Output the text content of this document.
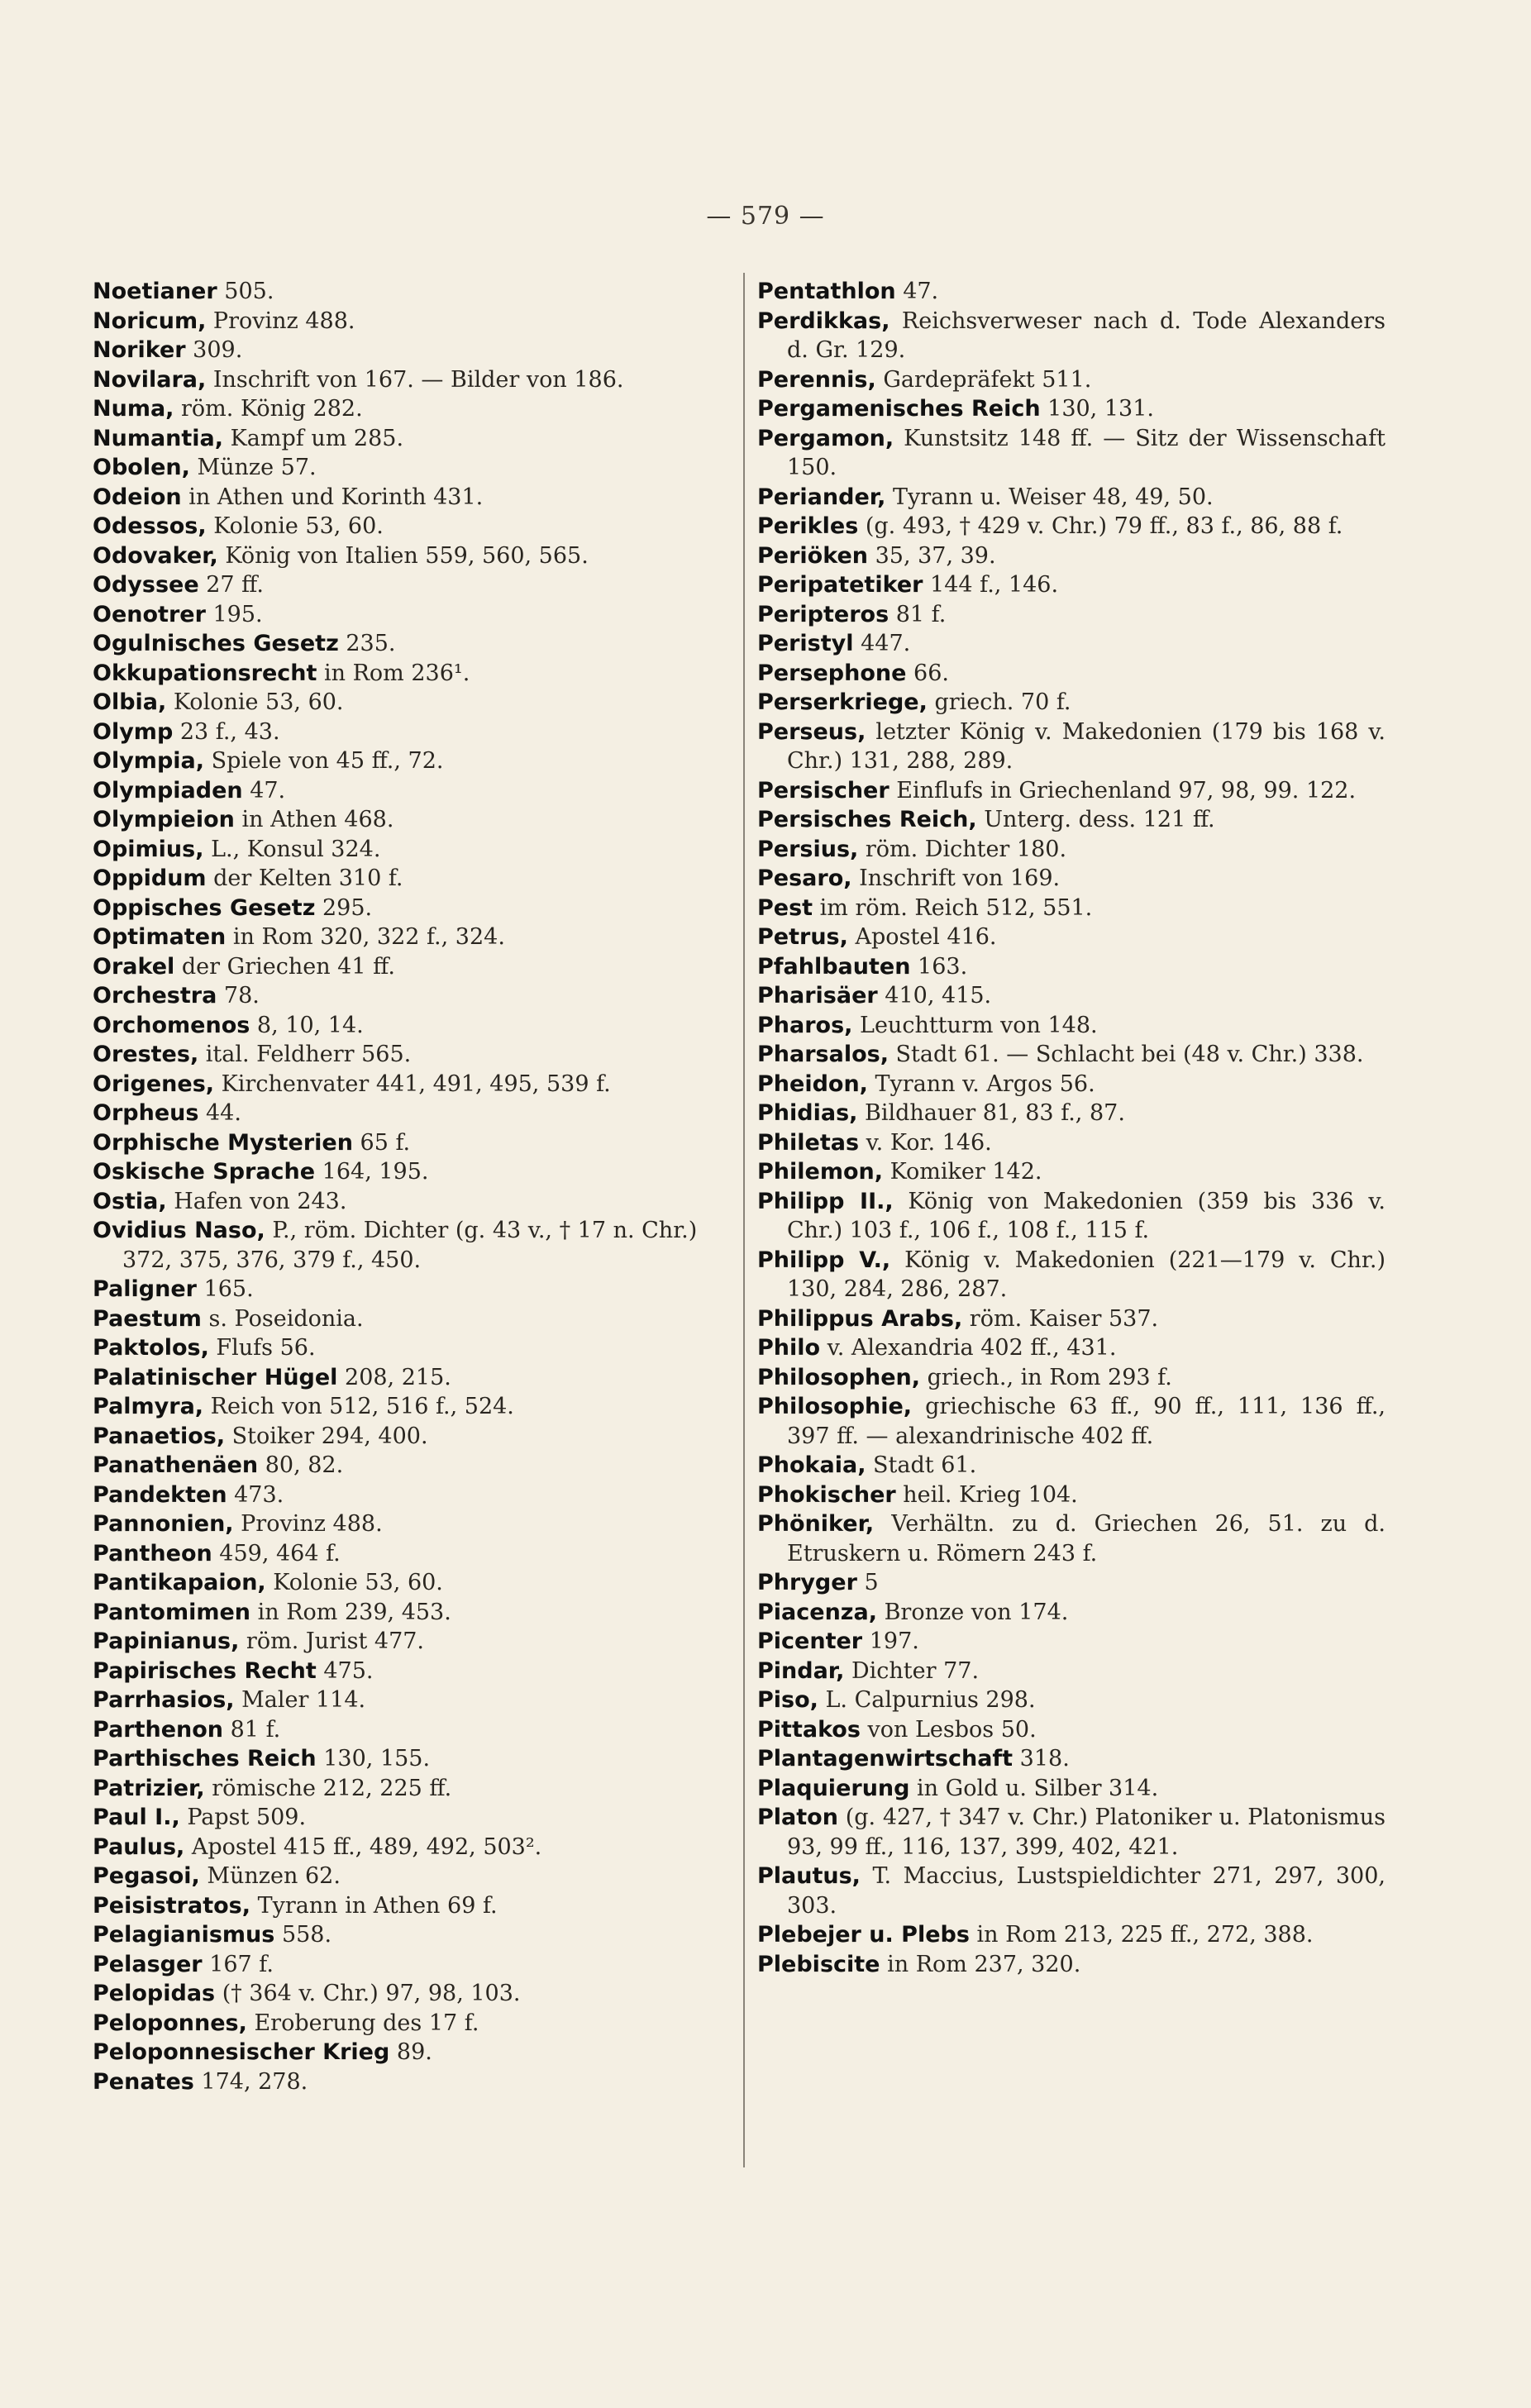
— 579 —
Noetianer 505.
Noricum, Provinz 488.
Noriker 309.
Novilara, Inschrift von 167. — Bilder von 186.
Numa, röm. König 282.
Numantia, Kampf um 285.
Obolen, Münze 57.
Odeion in Athen und Korinth 431.
Odessos, Kolonie 53, 60.
Odovaker, König von Italien 559, 560, 565.
Odyssee 27 ff.
Oenotrer 195.
Ogulnisches Gesetz 235.
Okkupationsrecht in Rom 236¹.
Olbia, Kolonie 53, 60.
Olymp 23 f., 43.
Olympia, Spiele von 45 ff., 72.
Olympiaden 47.
Olympieion in Athen 468.
Opimius, L., Konsul 324.
Oppidum der Kelten 310 f.
Oppisches Gesetz 295.
Optimaten in Rom 320, 322 f., 324.
Orakel der Griechen 41 ff.
Orchestra 78.
Orchomenos 8, 10, 14.
Orestes, ital. Feldherr 565.
Origenes, Kirchenvater 441, 491, 495, 539 f.
Orpheus 44.
Orphische Mysterien 65 f.
Oskische Sprache 164, 195.
Ostia, Hafen von 243.
Ovidius Naso, P., röm. Dichter (g. 43 v., † 17 n. Chr.) 372, 375, 376, 379 f., 450.
Paligner 165.
Paestum s. Poseidonia.
Paktolos, Flufs 56.
Palatinischer Hügel 208, 215.
Palmyra, Reich von 512, 516 f., 524.
Panaetios, Stoiker 294, 400.
Panathenäen 80, 82.
Pandekten 473.
Pannonien, Provinz 488.
Pantheon 459, 464 f.
Pantikapaion, Kolonie 53, 60.
Pantomimen in Rom 239, 453.
Papinianus, röm. Jurist 477.
Papirisches Recht 475.
Parrhasios, Maler 114.
Parthenon 81 f.
Parthisches Reich 130, 155.
Patrizier, römische 212, 225 ff.
Paul I., Papst 509.
Paulus, Apostel 415 ff., 489, 492, 503².
Pegasoi, Münzen 62.
Peisistratos, Tyrann in Athen 69 f.
Pelagianismus 558.
Pelasger 167 f.
Pelopidas († 364 v. Chr.) 97, 98, 103.
Peloponnes, Eroberung des 17 f.
Peloponnesischer Krieg 89.
Penates 174, 278.
Pentathlon 47.
Perdikkas, Reichsverweser nach d. Tode Alexanders d. Gr. 129.
Perennis, Gardepräfekt 511.
Pergamenisches Reich 130, 131.
Pergamon, Kunstsitz 148 ff. — Sitz der Wissenschaft 150.
Periander, Tyrann u. Weiser 48, 49, 50.
Perikles (g. 493, † 429 v. Chr.) 79 ff., 83 f., 86, 88 f.
Periöken 35, 37, 39.
Peripatetiker 144 f., 146.
Peripteros 81 f.
Peristyl 447.
Persephone 66.
Perserkriege, griech. 70 f.
Perseus, letzter König v. Makedonien (179 bis 168 v. Chr.) 131, 288, 289.
Persischer Einflufs in Griechenland 97, 98, 99. 122.
Persisches Reich, Unterg. dess. 121 ff.
Persius, röm. Dichter 180.
Pesaro, Inschrift von 169.
Pest im röm. Reich 512, 551.
Petrus, Apostel 416.
Pfahlbauten 163.
Pharisäer 410, 415.
Pharos, Leuchtturm von 148.
Pharsalos, Stadt 61. — Schlacht bei (48 v. Chr.) 338.
Pheidon, Tyrann v. Argos 56.
Phidias, Bildhauer 81, 83 f., 87.
Philetas v. Kor. 146.
Philemon, Komiker 142.
Philipp II., König von Makedonien (359 bis 336 v. Chr.) 103 f., 106 f., 108 f., 115 f.
Philipp V., König v. Makedonien (221—179 v. Chr.) 130, 284, 286, 287.
Philippus Arabs, röm. Kaiser 537.
Philo v. Alexandria 402 ff., 431.
Philosophen, griech., in Rom 293 f.
Philosophie, griechische 63 ff., 90 ff., 111, 136 ff., 397 ff. — alexandrinische 402 ff.
Phokaia, Stadt 61.
Phokischer heil. Krieg 104.
Phöniker, Verhältn. zu d. Griechen 26, 51. zu d. Etruskern u. Römern 243 f.
Phryger 5
Piacenza, Bronze von 174.
Picenter 197.
Pindar, Dichter 77.
Piso, L. Calpurnius 298.
Pittakos von Lesbos 50.
Plantagenwirtschaft 318.
Plaquierung in Gold u. Silber 314.
Platon (g. 427, † 347 v. Chr.) Platoniker u. Platonismus 93, 99 ff., 116, 137, 399, 402, 421.
Plautus, T. Maccius, Lustspieldichter 271, 297, 300, 303.
Plebejer u. Plebs in Rom 213, 225 ff., 272, 388.
Plebiscite in Rom 237, 320.
